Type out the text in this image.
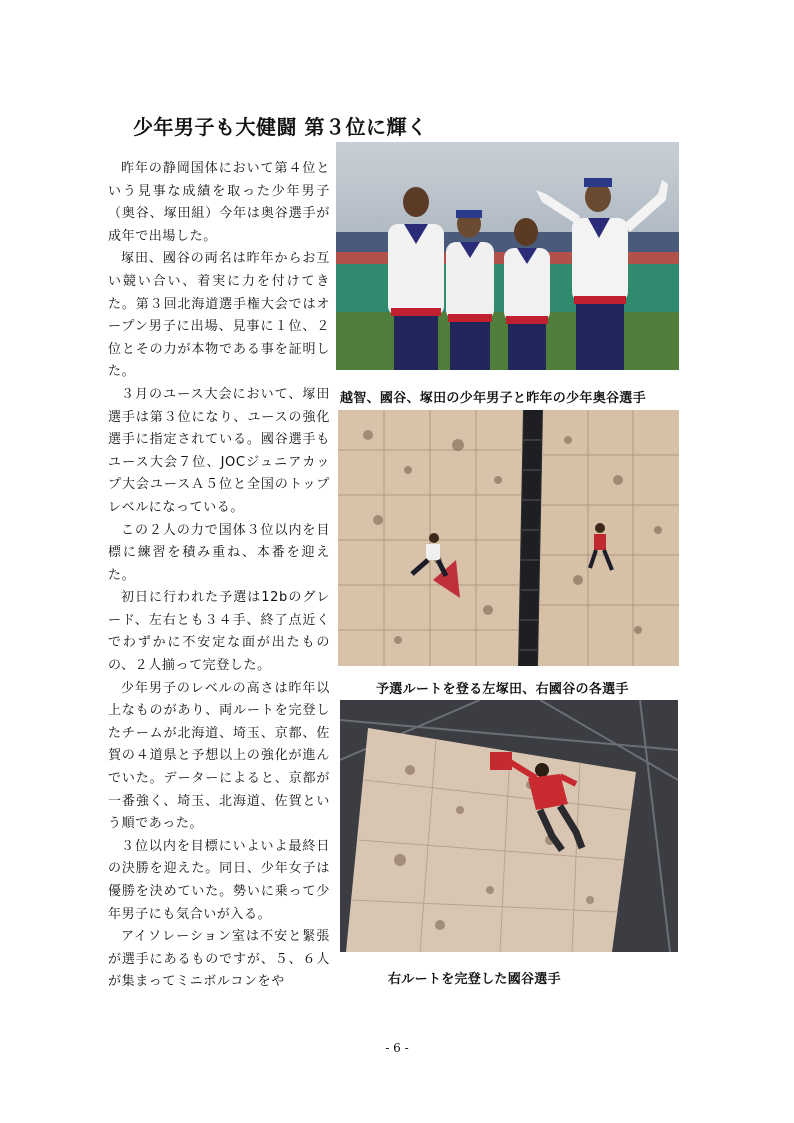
少年男子も大健闘 第３位に輝く

昨年の静岡国体において第４位という見事な成績を取った少年男子（奥谷、塚田組）今年は奥谷選手が成年で出場した。

塚田、國谷の両名は昨年からお互い競い合い、着実に力を付けてきた。第３回北海道選手権大会ではオープン男子に出場、見事に１位、２位とその力が本物である事を証明した。

３月のユース大会において、塚田選手は第３位になり、ユースの強化選手に指定されている。國谷選手もユース大会７位、JOCジュニアカップ大会ユースＡ５位と全国のトップレベルになっている。

この２人の力で国体３位以内を目標に練習を積み重ね、本番を迎えた。

初日に行われた予選は12bのグレード、左右とも３４手、終了点近くでわずかに不安定な面が出たものの、２人揃って完登した。

少年男子のレベルの高さは昨年以上なものがあり、両ルートを完登したチームが北海道、埼玉、京都、佐賀の４道県と予想以上の強化が進んでいた。データーによると、京都が一番強く、埼玉、北海道、佐賀という順であった。

３位以内を目標にいよいよ最終日の決勝を迎えた。同日、少年女子は優勝を決めていた。勢いに乗って少年男子にも気合いが入る。

アイソレーション室は不安と緊張が選手にあるものですが、５、６人が集まってミニボルコンをや

越智、國谷、塚田の少年男子と昨年の少年奥谷選手
予選ルートを登る左塚田、右國谷の各選手
右ルートを完登した國谷選手
- 6 -
